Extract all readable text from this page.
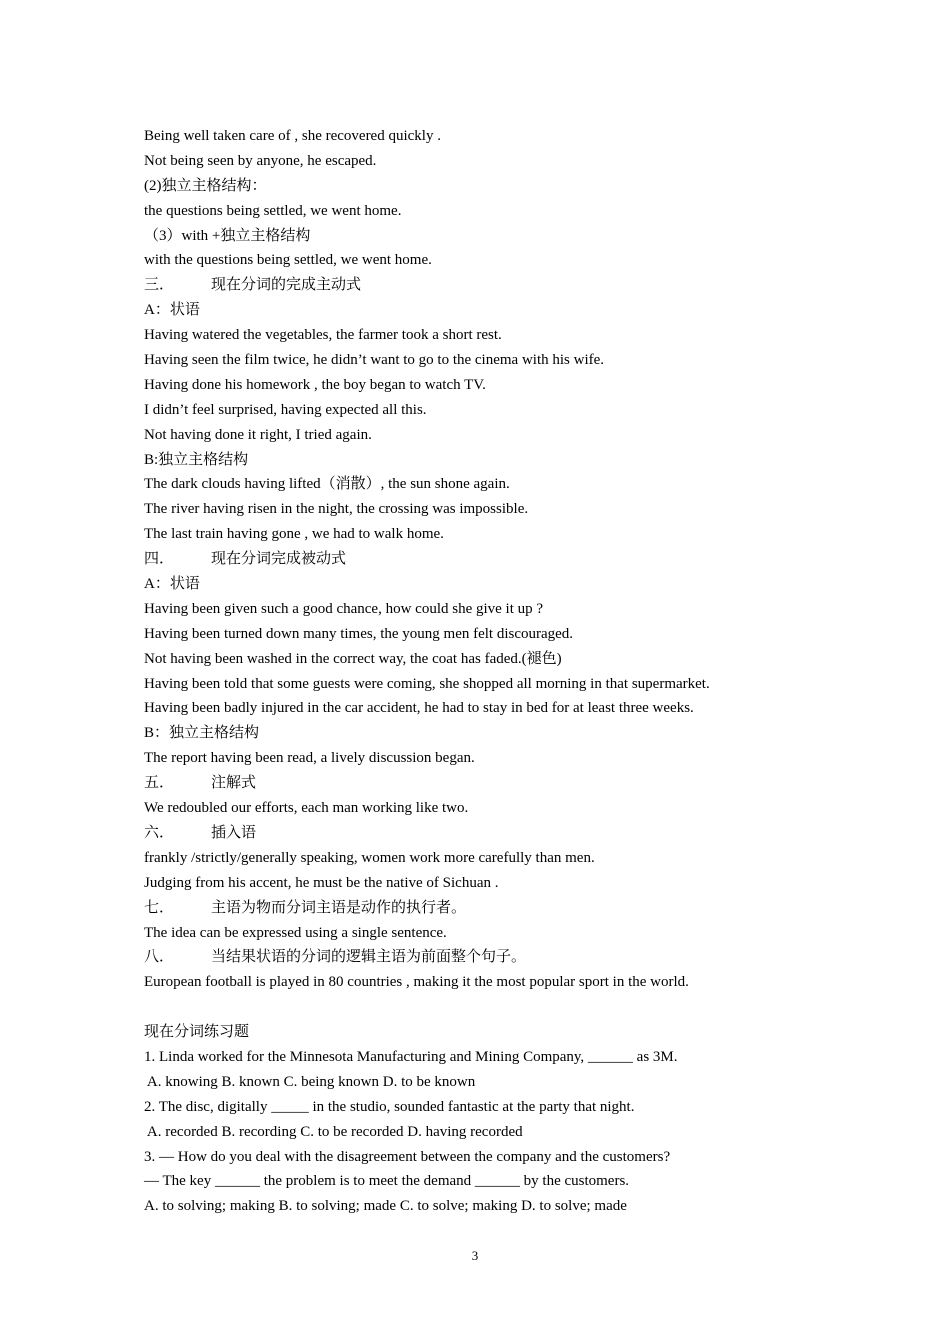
Being well taken care of , she recovered quickly .
Not being seen by anyone, he escaped.
(2)独立主格结构：
the questions being settled, we went home.
（3）with +独立主格结构
with the questions being settled, we went home.
三． 现在分词的完成主动式
A：状语
Having watered the vegetables, the farmer took a short rest.
Having seen the film twice, he didn’t want to go to the cinema with his wife.
Having done his homework , the boy began to watch TV.
I didn’t feel surprised, having expected all this.
Not having done it right, I tried again.
B:独立主格结构
The dark clouds having lifted（消散）, the sun shone again.
The river having risen in the night, the crossing was impossible.
The last train having gone , we had to walk home.
四． 现在分词完成被动式
A：状语
Having been given such a good chance, how could she give it up ?
Having been turned down many times, the young men felt discouraged.
Not having been washed in the correct way, the coat has faded.(褪色)
Having been told that some guests were coming, she shopped all morning in that supermarket.
Having been badly injured in the car accident, he had to stay in bed for at least three weeks.
B：独立主格结构
The report having been read, a lively discussion began.
五． 注解式
We redoubled our efforts, each man working like two.
六． 插入语
frankly /strictly/generally speaking, women work more carefully than men.
Judging from his accent, he must be the native of Sichuan .
七． 主语为物而分词主语是动作的执行者。
The idea can be expressed using a single sentence.
八． 当结果状语的分词的逻辑主语为前面整个句子。
European football is played in 80 countries , making it the most popular sport in the world.
现在分词练习题
1. Linda worked for the Minnesota Manufacturing and Mining Company, ______ as 3M.
A. knowing B. known C. being known D. to be known
2. The disc, digitally _____ in the studio, sounded fantastic at the party that night.
A. recorded B. recording C. to be recorded D. having recorded
3. — How do you deal with the disagreement between the company and the customers?
— The key ______ the problem is to meet the demand ______ by the customers.
A. to solving; making B. to solving; made C. to solve; making D. to solve; made
3
